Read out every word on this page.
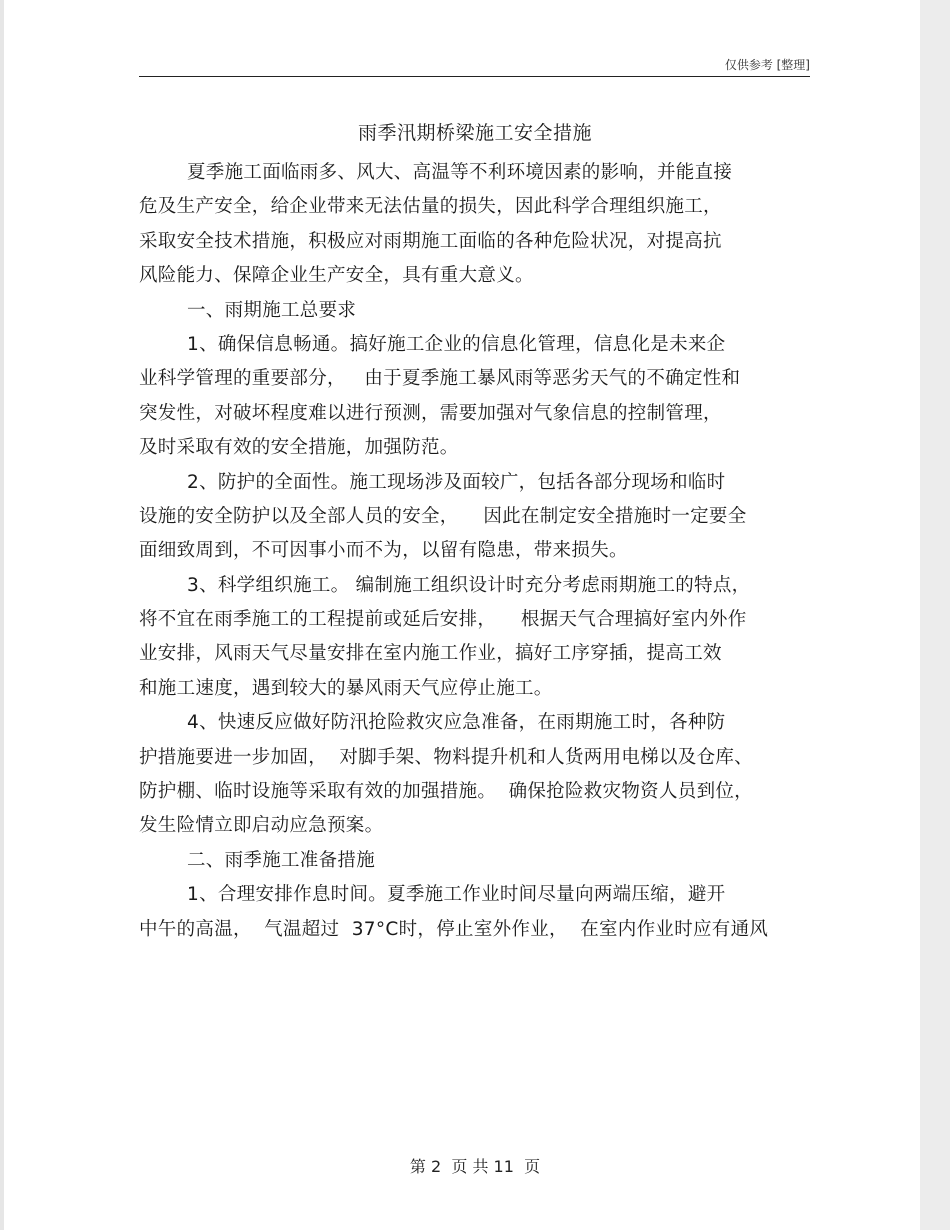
仅供参考 [整理]
雨季汛期桥梁施工安全措施
夏季施工面临雨多、风大、高温等不利环境因素的影响，并能直接
危及生产安全，给企业带来无法估量的损失，因此科学合理组织施工，
采取安全技术措施，积极应对雨期施工面临的各种危险状况，对提高抗
风险能力、保障企业生产安全，具有重大意义。
一、雨期施工总要求
1、确保信息畅通。搞好施工企业的信息化管理，信息化是未来企
业科学管理的重要部分，   由于夏季施工暴风雨等恶劣天气的不确定性和
突发性，对破坏程度难以进行预测，需要加强对气象信息的控制管理，
及时采取有效的安全措施，加强防范。
2、防护的全面性。施工现场涉及面较广，包括各部分现场和临时
设施的安全防护以及全部人员的安全，    因此在制定安全措施时一定要全
面细致周到，不可因事小而不为，以留有隐患，带来损失。
3、科学组织施工。 编制施工组织设计时充分考虑雨期施工的特点，
将不宜在雨季施工的工程提前或延后安排，    根据天气合理搞好室内外作
业安排，风雨天气尽量安排在室内施工作业，搞好工序穿插，提高工效
和施工速度，遇到较大的暴风雨天气应停止施工。
4、快速反应做好防汛抢险救灾应急准备，在雨期施工时，各种防
护措施要进一步加固，  对脚手架、物料提升机和人货两用电梯以及仓库、
防护棚、临时设施等采取有效的加强措施。  确保抢险救灾物资人员到位，
发生险情立即启动应急预案。
二、雨季施工准备措施
1、合理安排作息时间。夏季施工作业时间尽量向两端压缩，避开
中午的高温，  气温超过  37°C时，停止室外作业，  在室内作业时应有通风
第 2  页 共 11  页
